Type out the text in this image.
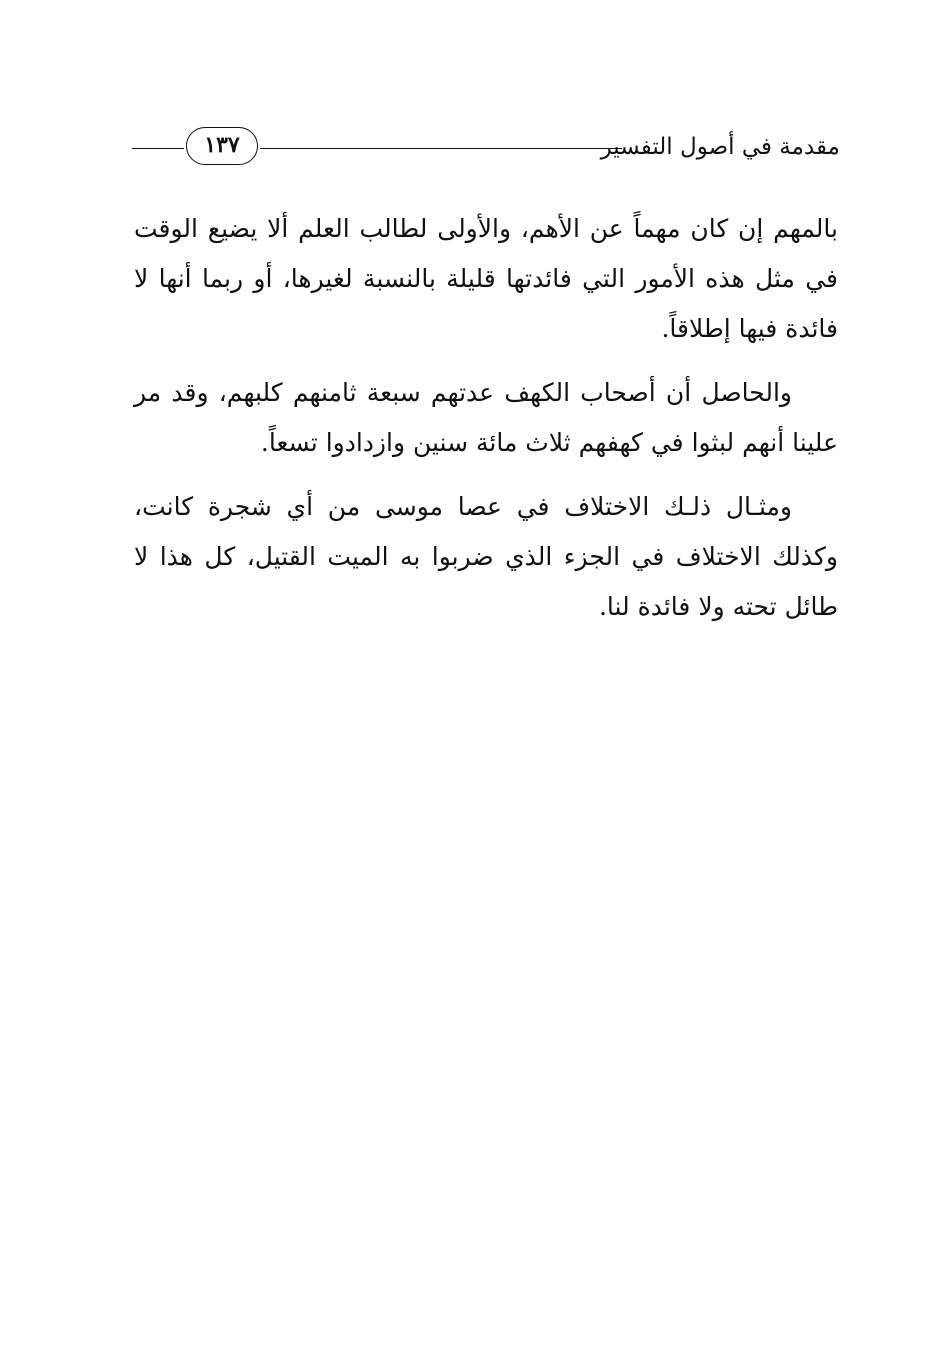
١٣٧	مقدمة في أصول التفسير

بالمهم إن كان مهماً عن الأهم، والأولى لطالب العلم ألا يضيع الوقت في مثل هذه الأمور التي فائدتها قليلة بالنسبة لغيرها، أو ربما أنها لا فائدة فيها إطلاقاً.

والحاصل أن أصحاب الكهف عدتهم سبعة ثامنهم كلبهم، وقد مر علينا أنهم لبثوا في كهفهم ثلاث مائة سنين وازدادوا تسعاً.

ومثـال ذلـك الاختلاف في عصا موسى من أي شجرة كانت، وكذلك الاختلاف في الجزء الذي ضربوا به الميت القتيل، كل هذا لا طائل تحته ولا فائدة لنا.
